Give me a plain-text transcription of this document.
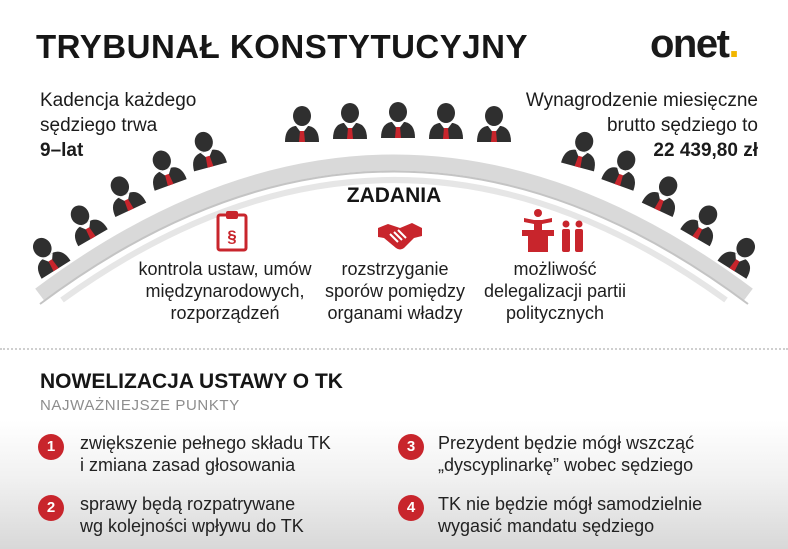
TRYBUNAŁ KONSTYTUCYJNY	onet.
Kadencja każdego
sędziego trwa
9–lat
Wynagrodzenie miesięczne
brutto sędziego to
22 439,80 zł
ZADANIA
§
kontrola ustaw, umów
międzynarodowych,
rozporządzeń
rozstrzyganie
sporów pomiędzy
organami władzy
możliwość
delegalizacji partii
politycznych
NOWELIZACJA USTAWY O TK
NAJWAŻNIEJSZE PUNKTY
1	zwiększenie pełnego składu TK
i zmiana zasad głosowania
2	sprawy będą rozpatrywane
wg kolejności wpływu do TK
3	Prezydent będzie mógł wszcząć
„dyscyplinarkę” wobec sędziego
4	TK nie będzie mógł samodzielnie
wygasić mandatu sędziego
